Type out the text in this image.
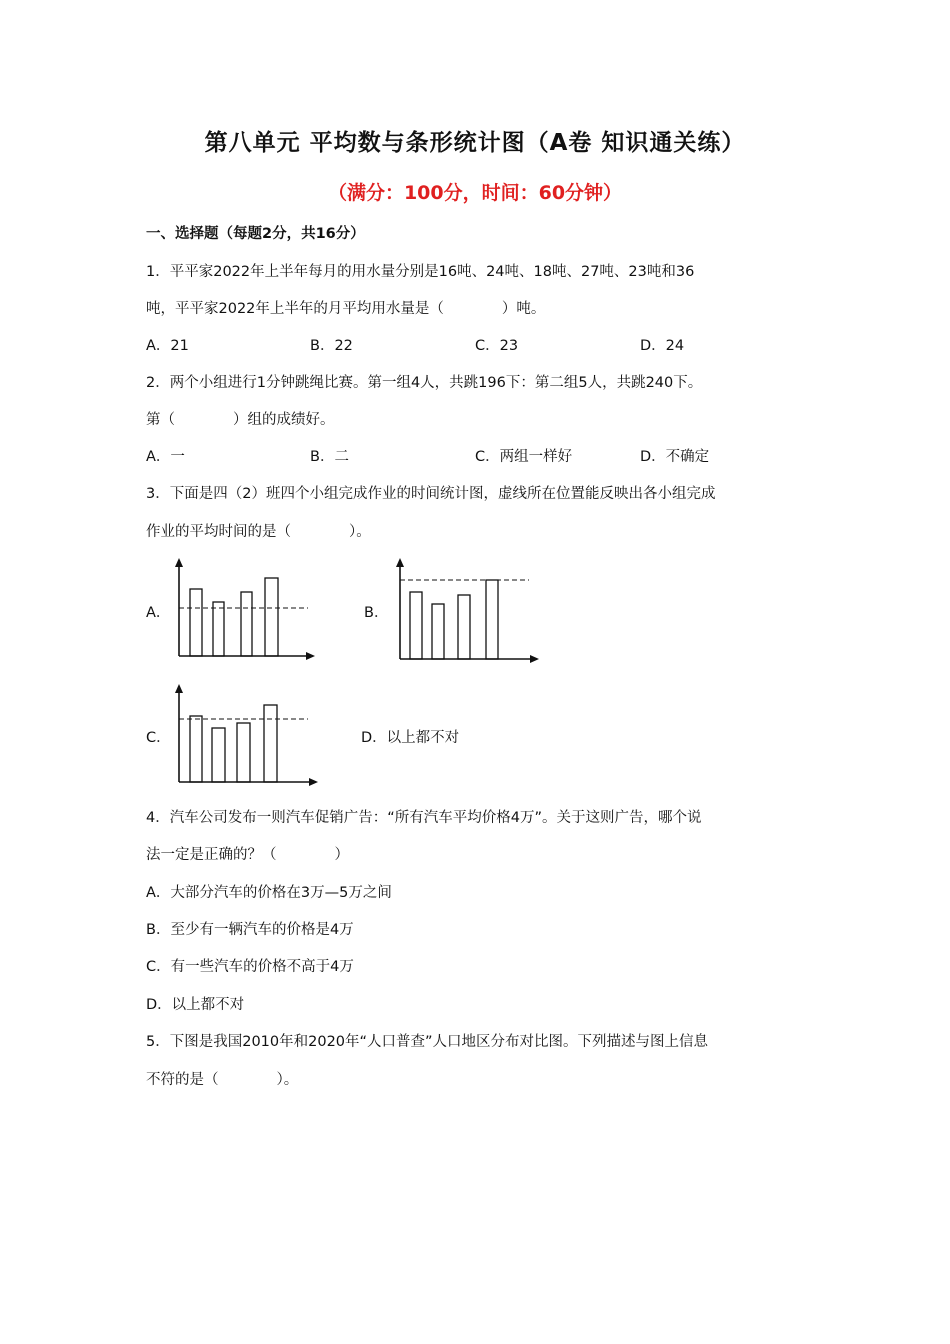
第八单元 平均数与条形统计图（A卷 知识通关练）
（满分：100分，时间：60分钟）
一、选择题（每题2分，共16分）
1．平平家2022年上半年每月的用水量分别是16吨、24吨、18吨、27吨、23吨和36
吨，平平家2022年上半年的月平均用水量是（　　　　）吨。
A．21	B．22	C．23	D．24
2．两个小组进行1分钟跳绳比赛。第一组4人，共跳196下：第二组5人，共跳240下。
第（　　　　）组的成绩好。
A．一	B．二	C．两组一样好	D．不确定
3．下面是四（2）班四个小组完成作业的时间统计图，虚线所在位置能反映出各小组完成
作业的平均时间的是（　　　　）。
A．	B．
C．	D．以上都不对
4．汽车公司发布一则汽车促销广告：“所有汽车平均价格4万”。关于这则广告，哪个说
法一定是正确的？（　　　　）
A．大部分汽车的价格在3万—5万之间
B．至少有一辆汽车的价格是4万
C．有一些汽车的价格不高于4万
D．以上都不对
5．下图是我国2010年和2020年“人口普查”人口地区分布对比图。下列描述与图上信息
不符的是（　　　　）。
